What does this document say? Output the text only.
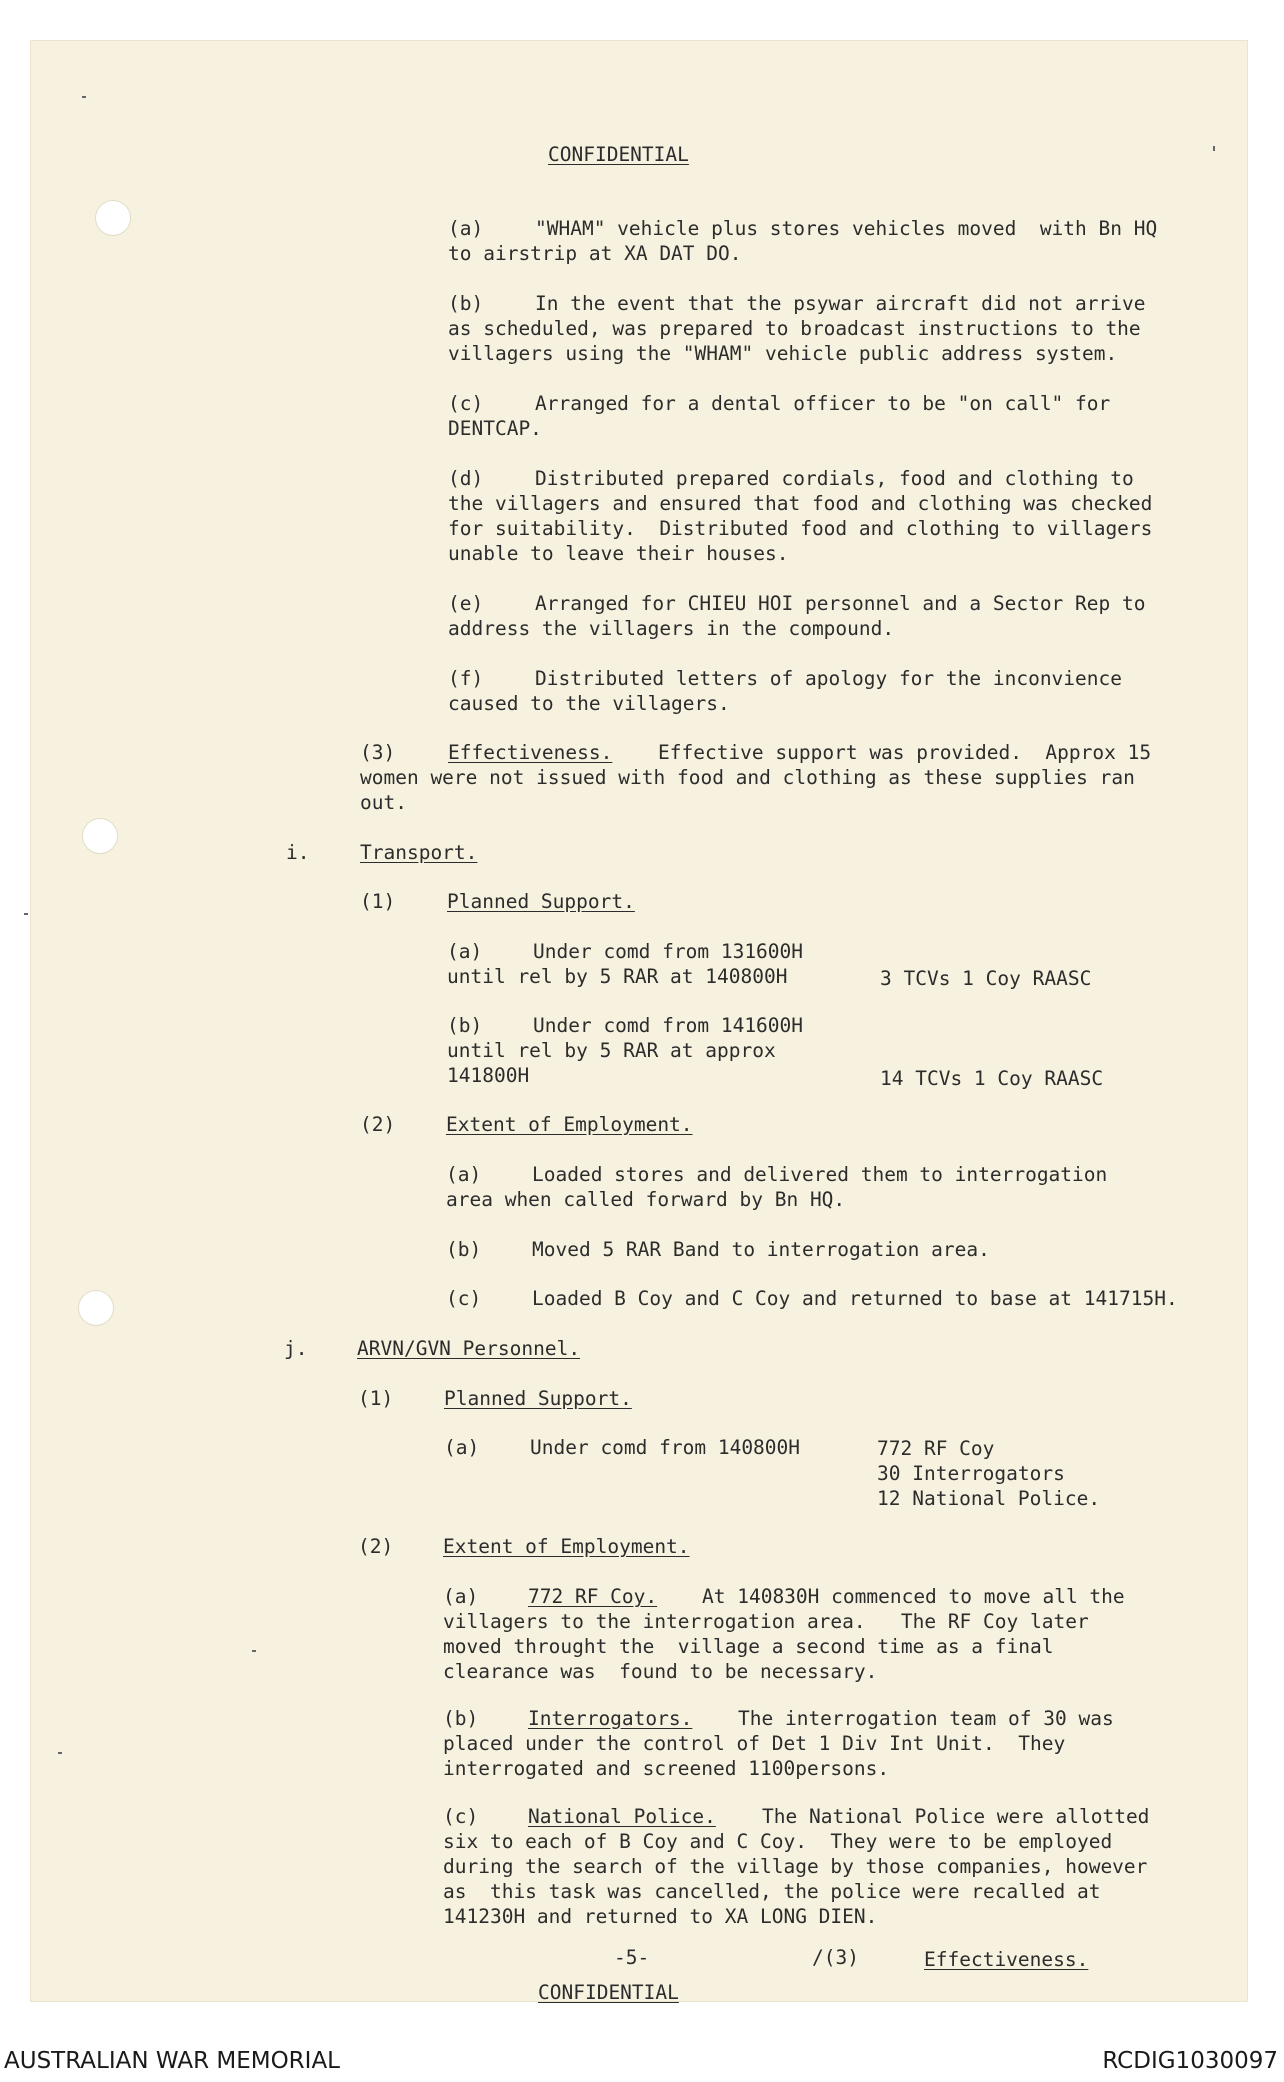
CONFIDENTIAL
(a)	"WHAM" vehicle plus stores vehicles moved  with Bn HQ
to airstrip at XA DAT DO.
(b)	In the event that the psywar aircraft did not arrive
as scheduled, was prepared to broadcast instructions to the
villagers using the "WHAM" vehicle public address system.
(c)	Arranged for a dental officer to be "on call" for
DENTCAP.
(d)	Distributed prepared cordials, food and clothing to
the villagers and ensured that food and clothing was checked
for suitability.  Distributed food and clothing to villagers
unable to leave their houses.
(e)	Arranged for CHIEU HOI personnel and a Sector Rep to
address the villagers in the compound.
(f)	Distributed letters of apology for the inconvience
caused to the villagers.
(3)	Effectiveness. Effective support was provided.  Approx 15
women were not issued with food and clothing as these supplies ran
out.
i.	Transport.
(1)	Planned Support.
(a)	Under comd from 131600H
until rel by 5 RAR at 140800H	3 TCVs 1 Coy RAASC
(b)	Under comd from 141600H
until rel by 5 RAR at approx
141800H	14 TCVs 1 Coy RAASC
(2)	Extent of Employment.
(a)	Loaded stores and delivered them to interrogation
area when called forward by Bn HQ.
(b)	Moved 5 RAR Band to interrogation area.
(c)	Loaded B Coy and C Coy and returned to base at 141715H.
j.	ARVN/GVN Personnel.
(1)	Planned Support.
(a)	Under comd from 140800H	772 RF Coy
30 Interrogators
12 National Police.
(2)	Extent of Employment.
(a)	772 RF Coy. At 140830H commenced to move all the
villagers to the interrogation area.   The RF Coy later
moved throught the  village a second time as a final
clearance was  found to be necessary.
(b)	Interrogators. The interrogation team of 30 was
placed under the control of Det 1 Div Int Unit.  They
interrogated and screened 1100persons.
(c)	National Police. The National Police were allotted
six to each of B Coy and C Coy.  They were to be employed
during the search of the village by those companies, however
as  this task was cancelled, the police were recalled at
141230H and returned to XA LONG DIEN.
-5-	/(3)	Effectiveness.
CONFIDENTIAL
AUSTRALIAN WAR MEMORIAL	RCDIG1030097
